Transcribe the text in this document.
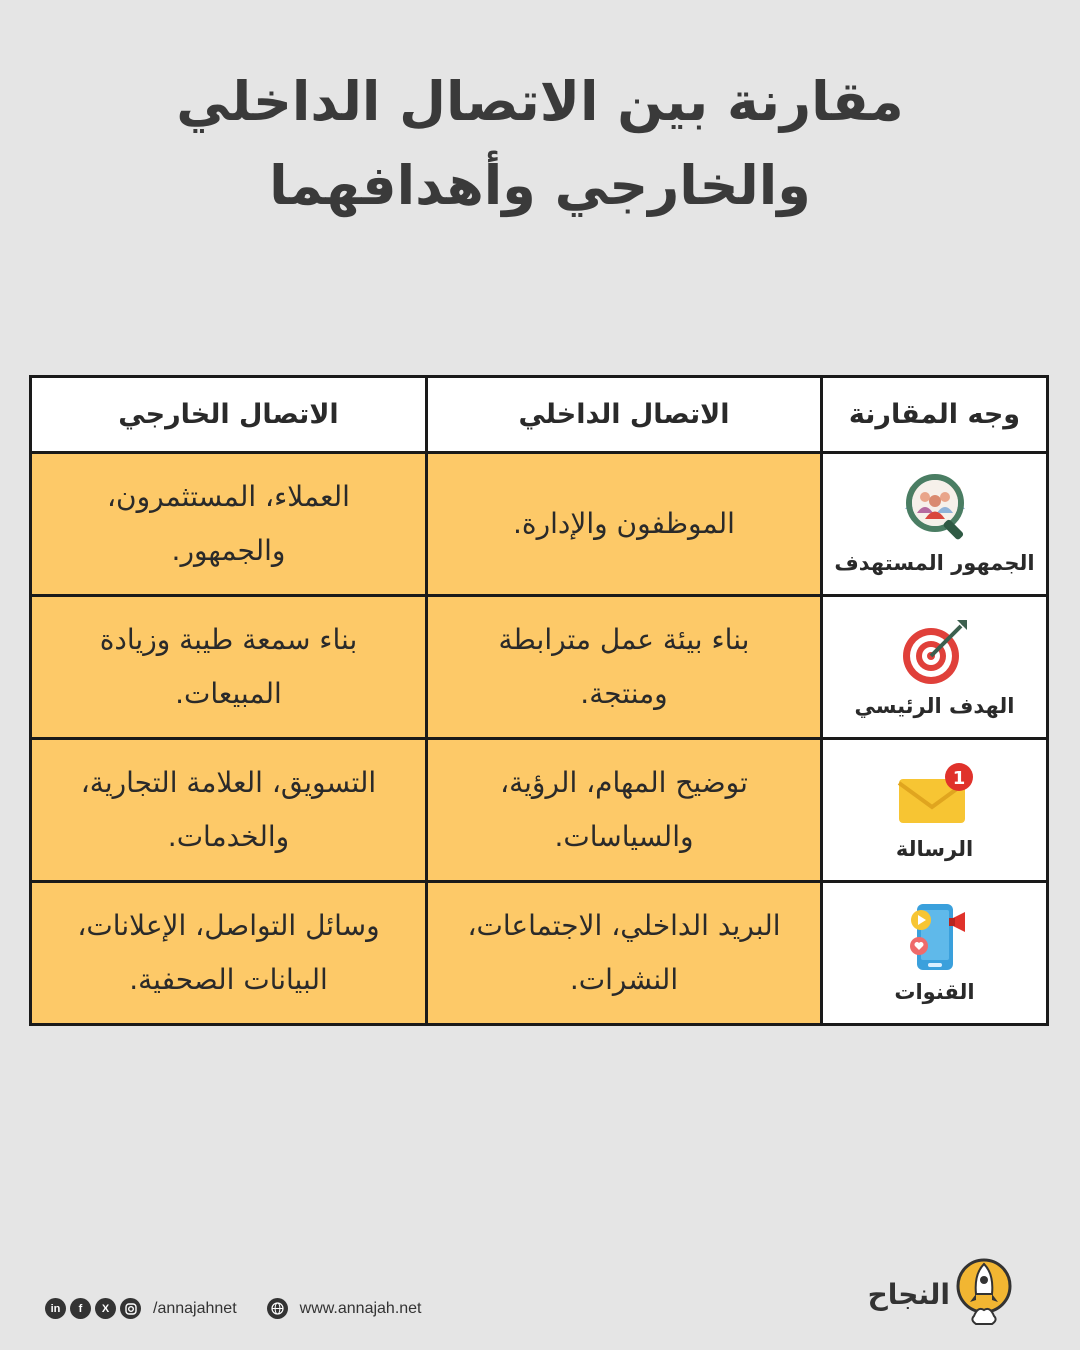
مقارنة بين الاتصال الداخلي والخارجي وأهدافهما
وجه المقارنة	الاتصال الداخلي	الاتصال الخارجي

الجمهور المستهدف	الموظفون والإدارة.	العملاء، المستثمرون، والجمهور.

الهدف الرئيسي	بناء بيئة عمل مترابطة ومنتجة.	بناء سمعة طيبة وزيادة المبيعات.

1
الرسالة	توضيح المهام، الرؤية، والسياسات.	التسويق، العلامة التجارية، والخدمات.

القنوات	البريد الداخلي، الاجتماعات، النشرات.	وسائل التواصل، الإعلانات، البيانات الصحفية.
النجاح
in	f	X	/annajahnet	www.annajah.net
